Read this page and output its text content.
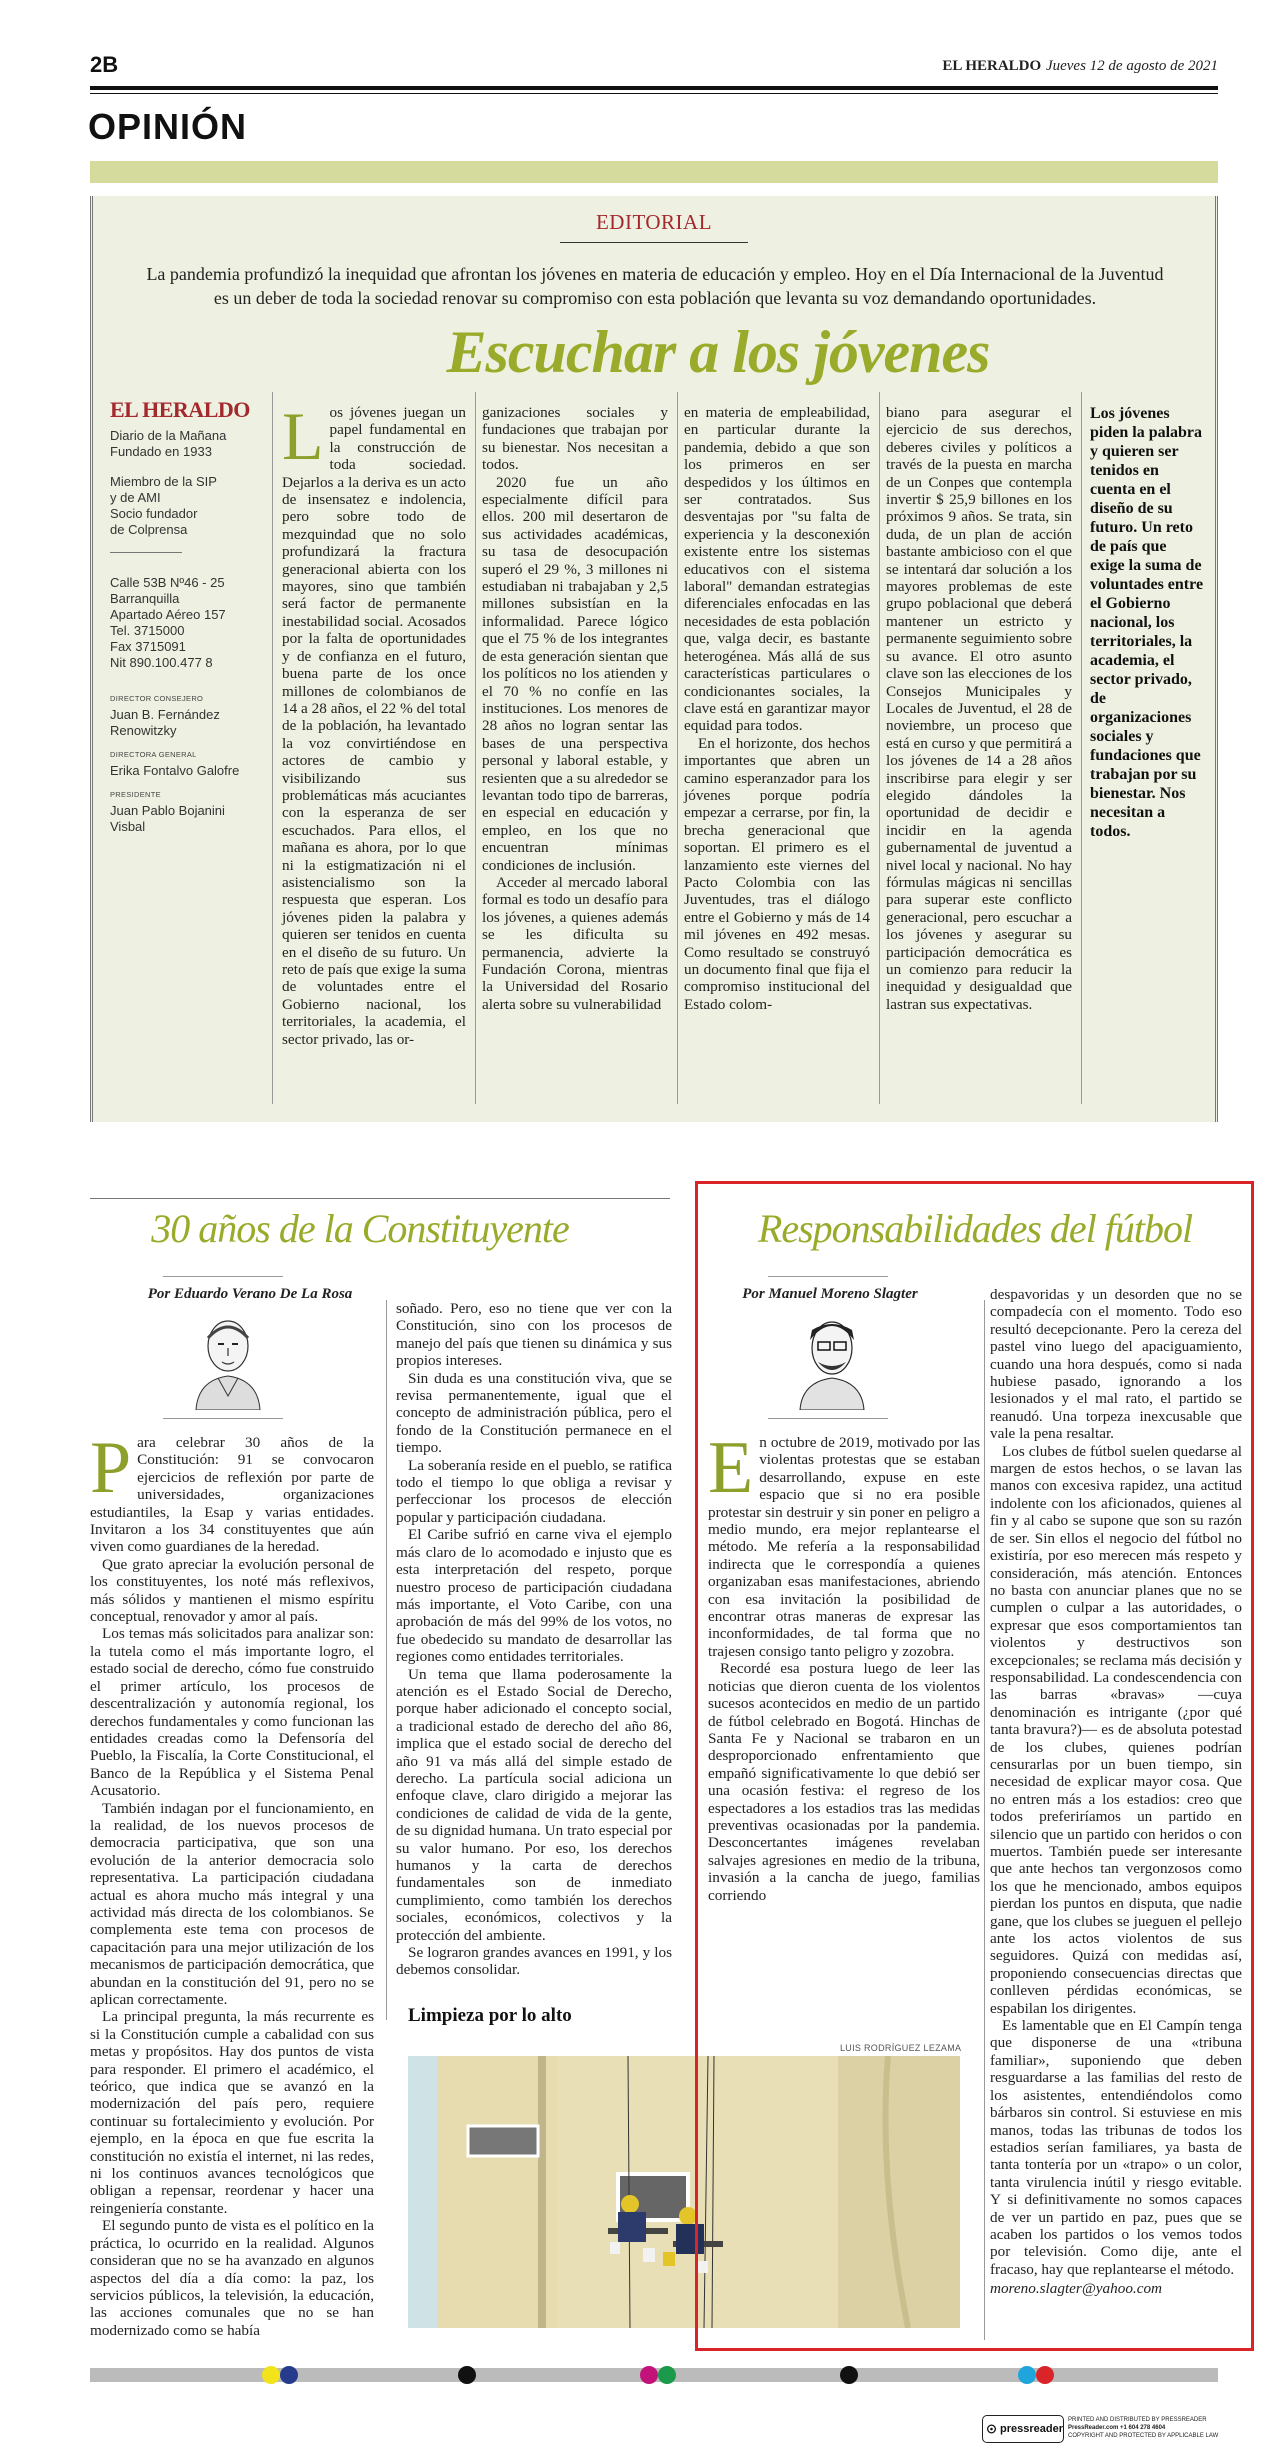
2B	EL HERALDO Jueves 12 de agosto de 2021
OPINIÓN
EDITORIAL
La pandemia profundizó la inequidad que afrontan los jóvenes en materia de educación y empleo. Hoy en el Día Internacional de la Juventud es un deber de toda la sociedad renovar su compromiso con esta población que levanta su voz demandando oportunidades.
Escuchar a los jóvenes
EL HERALDO
Diario de la Mañana
Fundado en 1933
Miembro de la SIP
y de AMI
Socio fundador
de Colprensa
Calle 53B Nº46 - 25
Barranquilla
Apartado Aéreo 157
Tel. 3715000
Fax 3715091
Nit 890.100.477 8
DIRECTOR CONSEJERO
Juan B. Fernández Renowitzky
DIRECTORA GENERAL
Erika Fontalvo Galofre
PRESIDENTE
Juan Pablo Bojanini Visbal
Los jóvenes juegan un papel fundamental en la construcción de toda sociedad. Dejarlos a la deriva es un acto de insensatez e indolencia, pero sobre todo de mezquindad que no solo profundizará la fractura generacional abierta con los mayores, sino que también será factor de permanente inestabilidad social. Acosados por la falta de oportunidades y de confianza en el futuro, buena parte de los once millones de colombianos de 14 a 28 años, el 22 % del total de la población, ha levantado la voz convirtiéndose en actores de cambio y visibilizando sus problemáticas más acuciantes con la esperanza de ser escuchados. Para ellos, el mañana es ahora, por lo que ni la estigmatización ni el asistencialismo son la respuesta que esperan. Los jóvenes piden la palabra y quieren ser tenidos en cuenta en el diseño de su futuro. Un reto de país que exige la suma de voluntades entre el Gobierno nacional, los territoriales, la academia, el sector privado, las or-

ganizaciones sociales y fundaciones que trabajan por su bienestar. Nos necesitan a todos.

2020 fue un año especialmente difícil para ellos. 200 mil desertaron de sus actividades académicas, su tasa de desocupación superó el 29 %, 3 millones ni estudiaban ni trabajaban y 2,5 millones subsistían en la informalidad. Parece lógico que el 75 % de los integrantes de esta generación sientan que los políticos no los atienden y el 70 % no confíe en las instituciones. Los menores de 28 años no logran sentar las bases de una perspectiva personal y laboral estable, y resienten que a su alrededor se levantan todo tipo de barreras, en especial en educación y empleo, en los que no encuentran mínimas condiciones de inclusión.

Acceder al mercado laboral formal es todo un desafío para los jóvenes, a quienes además se les dificulta su permanencia, advierte la Fundación Corona, mientras la Universidad del Rosario alerta sobre su vulnerabilidad

en materia de empleabilidad, en particular durante la pandemia, debido a que son los primeros en ser despedidos y los últimos en ser contratados. Sus desventajas por "su falta de experiencia y la desconexión existente entre los sistemas educativos con el sistema laboral" demandan estrategias diferenciales enfocadas en las necesidades de esta población que, valga decir, es bastante heterogénea. Más allá de sus características particulares o condicionantes sociales, la clave está en garantizar mayor equidad para todos.

En el horizonte, dos hechos importantes que abren un camino esperanzador para los jóvenes porque podría empezar a cerrarse, por fin, la brecha generacional que soportan. El primero es el lanzamiento este viernes del Pacto Colombia con las Juventudes, tras el diálogo entre el Gobierno y más de 14 mil jóvenes en 492 mesas. Como resultado se construyó un documento final que fija el compromiso institucional del Estado colom-

biano para asegurar el ejercicio de sus derechos, deberes civiles y políticos a través de la puesta en marcha de un Conpes que contempla invertir $ 25,9 billones en los próximos 9 años. Se trata, sin duda, de un plan de acción bastante ambicioso con el que se intentará dar solución a los mayores problemas de este grupo poblacional que deberá mantener un estricto y permanente seguimiento sobre su avance. El otro asunto clave son las elecciones de los Consejos Municipales y Locales de Juventud, el 28 de noviembre, un proceso que está en curso y que permitirá a los jóvenes de 14 a 28 años inscribirse para elegir y ser elegido dándoles la oportunidad de decidir e incidir en la agenda gubernamental de juventud a nivel local y nacional. No hay fórmulas mágicas ni sencillas para superar este conflicto generacional, pero escuchar a los jóvenes y asegurar su participación democrática es un comienzo para reducir la inequidad y desigualdad que lastran sus expectativas.

Los jóvenes piden la palabra y quieren ser tenidos en cuenta en el diseño de su futuro. Un reto de país que exige la suma de voluntades entre el Gobierno nacional, los territoriales, la academia, el sector privado, de organizaciones sociales y fundaciones que trabajan por su bienestar. Nos necesitan a todos.
30 años de la Constituyente
Por Eduardo Verano De La Rosa
P ara celebrar 30 años de la Constitución: 91 se convocaron ejercicios de reflexión por parte de universidades, organizaciones estudiantiles, la Esap y varias entidades. Invitaron a los 34 constituyentes que aún viven como guardianes de la heredad.

Que grato apreciar la evolución personal de los constituyentes, los noté más reflexivos, más sólidos y mantienen el mismo espíritu conceptual, renovador y amor al país.

Los temas más solicitados para analizar son: la tutela como el más importante logro, el estado social de derecho, cómo fue construido el primer artículo, los procesos de descentralización y autonomía regional, los derechos fundamentales y como funcionan las entidades creadas como la Defensoría del Pueblo, la Fiscalía, la Corte Constitucional, el Banco de la República y el Sistema Penal Acusatorio.

También indagan por el funcionamiento, en la realidad, de los nuevos procesos de democracia participativa, que son una evolución de la anterior democracia solo representativa. La participación ciudadana actual es ahora mucho más integral y una actividad más directa de los colombianos. Se complementa este tema con procesos de capacitación para una mejor utilización de los mecanismos de participación democrática, que abundan en la constitución del 91, pero no se aplican correctamente.

La principal pregunta, la más recurrente es si la Constitución cumple a cabalidad con sus metas y propósitos. Hay dos puntos de vista para responder. El primero el académico, el teórico, que indica que se avanzó en la modernización del país pero, requiere continuar su fortalecimiento y evolución. Por ejemplo, en la época en que fue escrita la constitución no existía el internet, ni las redes, ni los continuos avances tecnológicos que obligan a repensar, reordenar y hacer una reingeniería constante.

El segundo punto de vista es el político en la práctica, lo ocurrido en la realidad. Algunos consideran que no se ha avanzado en algunos aspectos del día a día como: la paz, los servicios públicos, la televisión, la educación, las acciones comunales que no se han modernizado como se había

soñado. Pero, eso no tiene que ver con la Constitución, sino con los procesos de manejo del país que tienen su dinámica y sus propios intereses.

Sin duda es una constitución viva, que se revisa permanentemente, igual que el concepto de administración pública, pero el fondo de la Constitución permanece en el tiempo.

La soberanía reside en el pueblo, se ratifica todo el tiempo lo que obliga a revisar y perfeccionar los procesos de elección popular y participación ciudadana.

El Caribe sufrió en carne viva el ejemplo más claro de lo acomodado e injusto que es esta interpretación del respeto, porque nuestro proceso de participación ciudadana más importante, el Voto Caribe, con una aprobación de más del 99% de los votos, no fue obedecido su mandato de desarrollar las regiones como entidades territoriales.

Un tema que llama poderosamente la atención es el Estado Social de Derecho, porque haber adicionado el concepto social, a tradicional estado de derecho del año 86, implica que el estado social de derecho del año 91 va más allá del simple estado de derecho. La partícula social adiciona un enfoque clave, claro dirigido a mejorar las condiciones de calidad de vida de la gente, de su dignidad humana. Un trato especial por su valor humano. Por eso, los derechos humanos y la carta de derechos fundamentales son de inmediato cumplimiento, como también los derechos sociales, económicos, colectivos y la protección del ambiente.

Se lograron grandes avances en 1991, y los debemos consolidar.

Limpieza por lo alto
LUIS RODRÍGUEZ LEZAMA
Responsabilidades del fútbol
Por Manuel Moreno Slagter
E n octubre de 2019, motivado por las violentas protestas que se estaban desarrollando, expuse en este espacio que si no era posible protestar sin destruir y sin poner en peligro a medio mundo, era mejor replantearse el método. Me refería a la responsabilidad indirecta que le correspondía a quienes organizaban esas manifestaciones, abriendo con esa invitación la posibilidad de encontrar otras maneras de expresar las inconformidades, de tal forma que no trajesen consigo tanto peligro y zozobra.

Recordé esa postura luego de leer las noticias que dieron cuenta de los violentos sucesos acontecidos en medio de un partido de fútbol celebrado en Bogotá. Hinchas de Santa Fe y Nacional se trabaron en un desproporcionado enfrentamiento que empañó significativamente lo que debió ser una ocasión festiva: el regreso de los espectadores a los estadios tras las medidas preventivas ocasionadas por la pandemia. Desconcertantes imágenes revelaban salvajes agresiones en medio de la tribuna, invasión a la cancha de juego, familias corriendo

despavoridas y un desorden que no se compadecía con el momento. Todo eso resultó decepcionante. Pero la cereza del pastel vino luego del apaciguamiento, cuando una hora después, como si nada hubiese pasado, ignorando a los lesionados y el mal rato, el partido se reanudó. Una torpeza inexcusable que vale la pena resaltar.

Los clubes de fútbol suelen quedarse al margen de estos hechos, o se lavan las manos con excesiva rapidez, una actitud indolente con los aficionados, quienes al fin y al cabo se supone que son su razón de ser. Sin ellos el negocio del fútbol no existiría, por eso merecen más respeto y consideración, más atención. Entonces no basta con anunciar planes que no se cumplen o culpar a las autoridades, o expresar que esos comportamientos tan violentos y destructivos son excepcionales; se reclama más decisión y responsabilidad. La condescendencia con las barras «bravas» —cuya denominación es intrigante (¿por qué tanta bravura?)— es de absoluta potestad de los clubes, quienes podrían censurarlas por un buen tiempo, sin necesidad de explicar mayor cosa. Que no entren más a los estadios: creo que todos preferiríamos un partido en silencio que un partido con heridos o con muertos. También puede ser interesante que ante hechos tan vergonzosos como los que he mencionado, ambos equipos pierdan los puntos en disputa, que nadie gane, que los clubes se jueguen el pellejo ante los actos violentos de sus seguidores. Quizá con medidas así, proponiendo consecuencias directas que conlleven pérdidas económicas, se espabilan los dirigentes.

Es lamentable que en El Campín tenga que disponerse de una «tribuna familiar», suponiendo que deben resguardarse a las familias del resto de los asistentes, entendiéndolos como bárbaros sin control. Si estuviese en mis manos, todas las tribunas de todos los estadios serían familiares, ya basta de tanta tontería por un «trapo» o un color, tanta virulencia inútil y riesgo evitable. Y si definitivamente no somos capaces de ver un partido en paz, pues que se acaben los partidos o los vemos todos por televisión. Como dije, ante el fracaso, hay que replantearse el método.

moreno.slagter@yahoo.com

pressreader
PRINTED AND DISTRIBUTED BY PRESSREADER
PressReader.com +1 604 278 4604
COPYRIGHT AND PROTECTED BY APPLICABLE LAW
